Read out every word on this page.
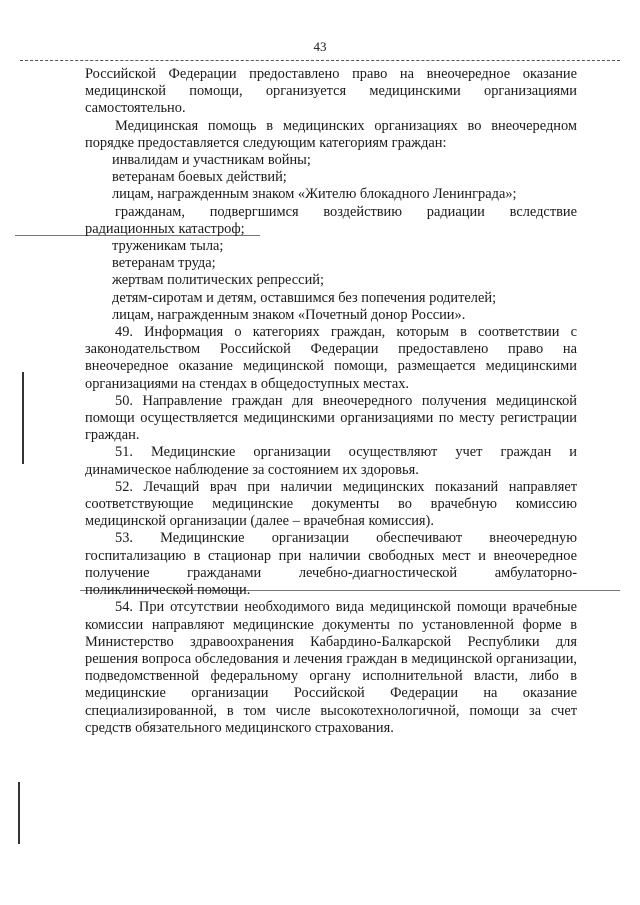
43

Российской Федерации предоставлено право на внеочередное оказание медицинской помощи, организуется медицинскими организациями самостоятельно.

Медицинская помощь в медицинских организациях во внеочередном порядке предоставляется следующим категориям граждан:

инвалидам и участникам войны;

ветеранам боевых действий;

лицам, награжденным знаком «Жителю блокадного Ленинграда»;

гражданам, подвергшимся воздействию радиации вследствие радиационных катастроф;

труженикам тыла;

ветеранам труда;

жертвам политических репрессий;

детям-сиротам и детям, оставшимся без попечения родителей;

лицам, награжденным знаком «Почетный донор России».

49. Информация о категориях граждан, которым в соответствии с законодательством Российской Федерации предоставлено право на внеочередное оказание медицинской помощи, размещается медицинскими организациями на стендах в общедоступных местах.

50. Направление граждан для внеочередного получения медицинской помощи осуществляется медицинскими организациями по месту регистрации граждан.

51. Медицинские организации осуществляют учет граждан и динамическое наблюдение за состоянием их здоровья.

52. Лечащий врач при наличии медицинских показаний направляет соответствующие медицинские документы во врачебную комиссию медицинской организации (далее – врачебная комиссия).

53. Медицинские организации обеспечивают внеочередную госпитализацию в стационар при наличии свободных мест и внеочередное получение гражданами лечебно-диагностической амбулаторно-поликлинической помощи.

54. При отсутствии необходимого вида медицинской помощи врачебные комиссии направляют медицинские документы по установленной форме в Министерство здравоохранения Кабардино-Балкарской Республики для решения вопроса обследования и лечения граждан в медицинской организации, подведомственной федеральному органу исполнительной власти, либо в медицинские организации Российской Федерации на оказание специализированной, в том числе высокотехнологичной, помощи за счет средств обязательного медицинского страхования.
